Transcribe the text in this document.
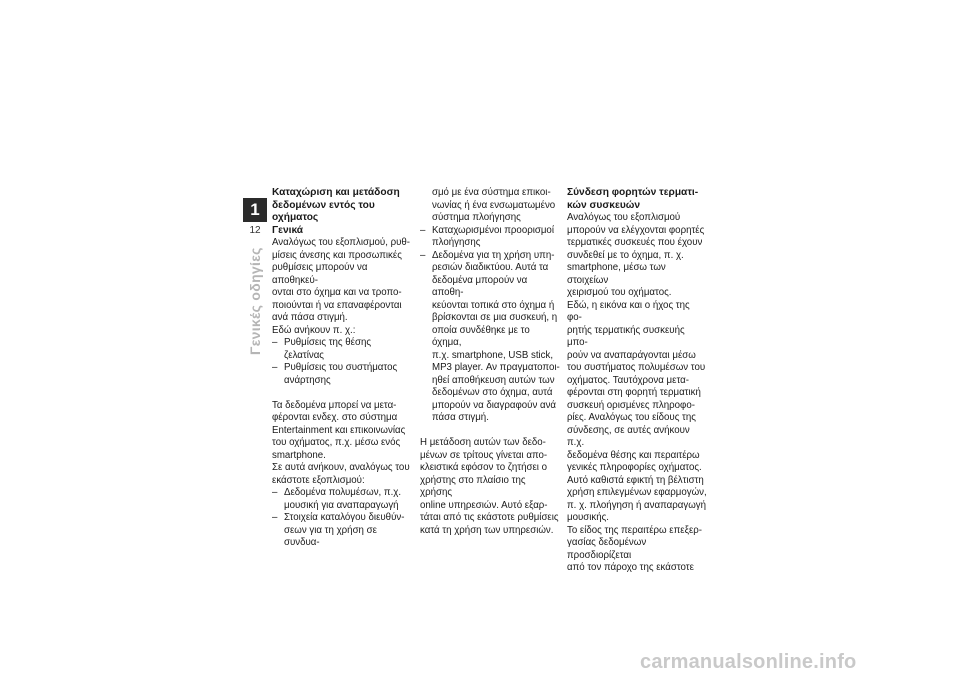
1
12
Γενικές οδηγίες
Καταχώριση και μετάδοση
δεδομένων εντός του
οχήματος
Γενικά
Αναλόγως του εξοπλισμού, ρυθ-
μίσεις άνεσης και προσωπικές
ρυθμίσεις μπορούν να αποθηκεύ-
ονται στο όχημα και να τροπο-
ποιούνται ή να επαναφέρονται
ανά πάσα στιγμή.
Εδώ ανήκουν π. χ.:
– Ρυθμίσεις της θέσης ζελατίνας
– Ρυθμίσεις του συστήματος
ανάρτησης
Τα δεδομένα μπορεί να μετα-
φέρονται ενδεχ. στο σύστημα
Entertainment και επικοινωνίας
του οχήματος, π.χ. μέσω ενός
smartphone.
Σε αυτά ανήκουν, αναλόγως του
εκάστοτε εξοπλισμού:
– Δεδομένα πολυμέσων, π.χ.
μουσική για αναπαραγωγή
– Στοιχεία καταλόγου διευθύν-
σεων για τη χρήση σε συνδυα-
σμό με ένα σύστημα επικοι-
νωνίας ή ένα ενσωματωμένο
σύστημα πλοήγησης
– Καταχωρισμένοι προορισμοί
πλοήγησης
– Δεδομένα για τη χρήση υπη-
ρεσιών διαδικτύου. Αυτά τα
δεδομένα μπορούν να αποθη-
κεύονται τοπικά στο όχημα ή
βρίσκονται σε μια συσκευή, η
οποία συνδέθηκε με το όχημα,
π.χ. smartphone, USB stick,
MP3 player. Αν πραγματοποι-
ηθεί αποθήκευση αυτών των
δεδομένων στο όχημα, αυτά
μπορούν να διαγραφούν ανά
πάσα στιγμή.
Η μετάδοση αυτών των δεδο-
μένων σε τρίτους γίνεται απο-
κλειστικά εφόσον το ζητήσει ο
χρήστης στο πλαίσιο της χρήσης
online υπηρεσιών. Αυτό εξαρ-
τάται από τις εκάστοτε ρυθμίσεις
κατά τη χρήση των υπηρεσιών.
Σύνδεση φορητών τερματι-
κών συσκευών
Αναλόγως του εξοπλισμού
μπορούν να ελέγχονται φορητές
τερματικές συσκευές που έχουν
συνδεθεί με το όχημα, π. χ.
smartphone, μέσω των στοιχείων
χειρισμού του οχήματος.
Εδώ, η εικόνα και ο ήχος της φο-
ρητής τερματικής συσκευής μπο-
ρούν να αναπαράγονται μέσω
του συστήματος πολυμέσων του
οχήματος. Ταυτόχρονα μετα-
φέρονται στη φορητή τερματική
συσκευή ορισμένες πληροφο-
ρίες. Αναλόγως του είδους της
σύνδεσης, σε αυτές ανήκουν π.χ.
δεδομένα θέσης και περαιτέρω
γενικές πληροφορίες οχήματος.
Αυτό καθιστά εφικτή τη βέλτιστη
χρήση επιλεγμένων εφαρμογών,
π. χ. πλοήγηση ή αναπαραγωγή
μουσικής.
Το είδος της περαιτέρω επεξερ-
γασίας δεδομένων προσδιορίζεται
από τον πάροχο της εκάστοτε
carmanualsonline.info
